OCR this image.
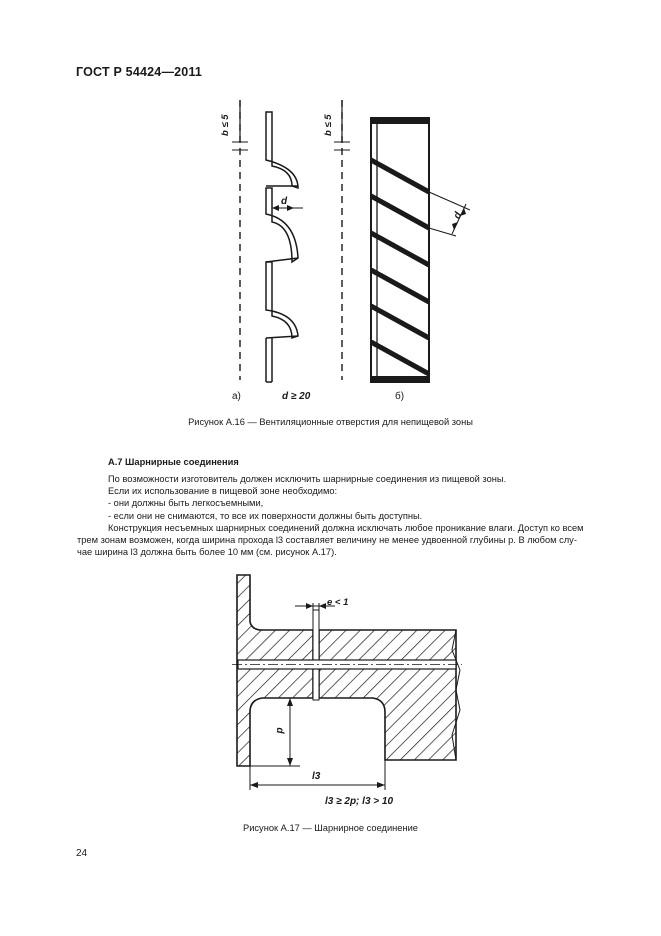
ГОСТ Р 54424—2011
b ≤ 5	b ≤ 5
d
d
а)	d ≥ 20	б)
Рисунок А.16 — Вентиляционные отверстия для непищевой зоны
А.7 Шарнирные соединения

По возможности изготовитель должен исключить шарнирные соединения из пищевой зоны.

Если их использование в пищевой зоне необходимо:

- они должны быть легкосъемными,

- если они не снимаются, то все их поверхности должны быть доступны.

Конструкция несъемных шарнирных соединений должна исключать любое проникание влаги. Доступ ко всем

трем зонам возможен, когда ширина прохода l3 составляет величину не менее удвоенной глубины p. В любом слу-

чае ширина l3 должна быть более 10 мм (см. рисунок А.17).

e < 1
p
l3
l3 ≥ 2p; l3 > 10
Рисунок А.17 — Шарнирное соединение
24
